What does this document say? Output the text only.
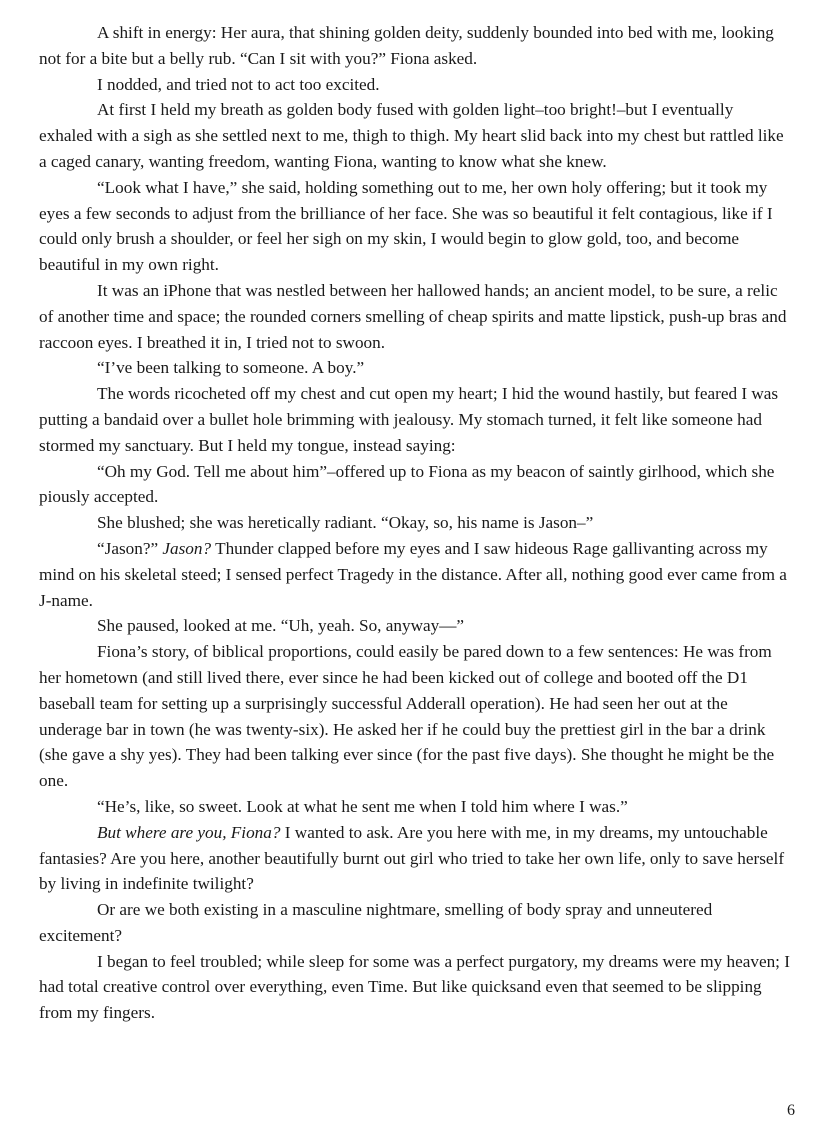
A shift in energy: Her aura, that shining golden deity, suddenly bounded into bed with me, looking not for a bite but a belly rub. “Can I sit with you?” Fiona asked.

I nodded, and tried not to act too excited.

At first I held my breath as golden body fused with golden light–too bright!–but I eventually exhaled with a sigh as she settled next to me, thigh to thigh. My heart slid back into my chest but rattled like a caged canary, wanting freedom, wanting Fiona, wanting to know what she knew.

“Look what I have,” she said, holding something out to me, her own holy offering; but it took my eyes a few seconds to adjust from the brilliance of her face. She was so beautiful it felt contagious, like if I could only brush a shoulder, or feel her sigh on my skin, I would begin to glow gold, too, and become beautiful in my own right.

It was an iPhone that was nestled between her hallowed hands; an ancient model, to be sure, a relic of another time and space; the rounded corners smelling of cheap spirits and matte lipstick, push-up bras and raccoon eyes. I breathed it in, I tried not to swoon.

“I’ve been talking to someone. A boy.”

The words ricocheted off my chest and cut open my heart; I hid the wound hastily, but feared I was putting a bandaid over a bullet hole brimming with jealousy. My stomach turned, it felt like someone had stormed my sanctuary. But I held my tongue, instead saying:

“Oh my God. Tell me about him”–offered up to Fiona as my beacon of saintly girlhood, which she piously accepted.

She blushed; she was heretically radiant. “Okay, so, his name is Jason–”

“Jason?” Jason? Thunder clapped before my eyes and I saw hideous Rage gallivanting across my mind on his skeletal steed; I sensed perfect Tragedy in the distance. After all, nothing good ever came from a J-name.

She paused, looked at me. “Uh, yeah. So, anyway—”

Fiona’s story, of biblical proportions, could easily be pared down to a few sentences: He was from her hometown (and still lived there, ever since he had been kicked out of college and booted off the D1 baseball team for setting up a surprisingly successful Adderall operation). He had seen her out at the underage bar in town (he was twenty-six). He asked her if he could buy the prettiest girl in the bar a drink (she gave a shy yes). They had been talking ever since (for the past five days). She thought he might be the one.

“He’s, like, so sweet. Look at what he sent me when I told him where I was.”

But where are you, Fiona? I wanted to ask. Are you here with me, in my dreams, my untouchable fantasies? Are you here, another beautifully burnt out girl who tried to take her own life, only to save herself by living in indefinite twilight?

Or are we both existing in a masculine nightmare, smelling of body spray and unneutered excitement?

I began to feel troubled; while sleep for some was a perfect purgatory, my dreams were my heaven; I had total creative control over everything, even Time. But like quicksand even that seemed to be slipping from my fingers.

6
